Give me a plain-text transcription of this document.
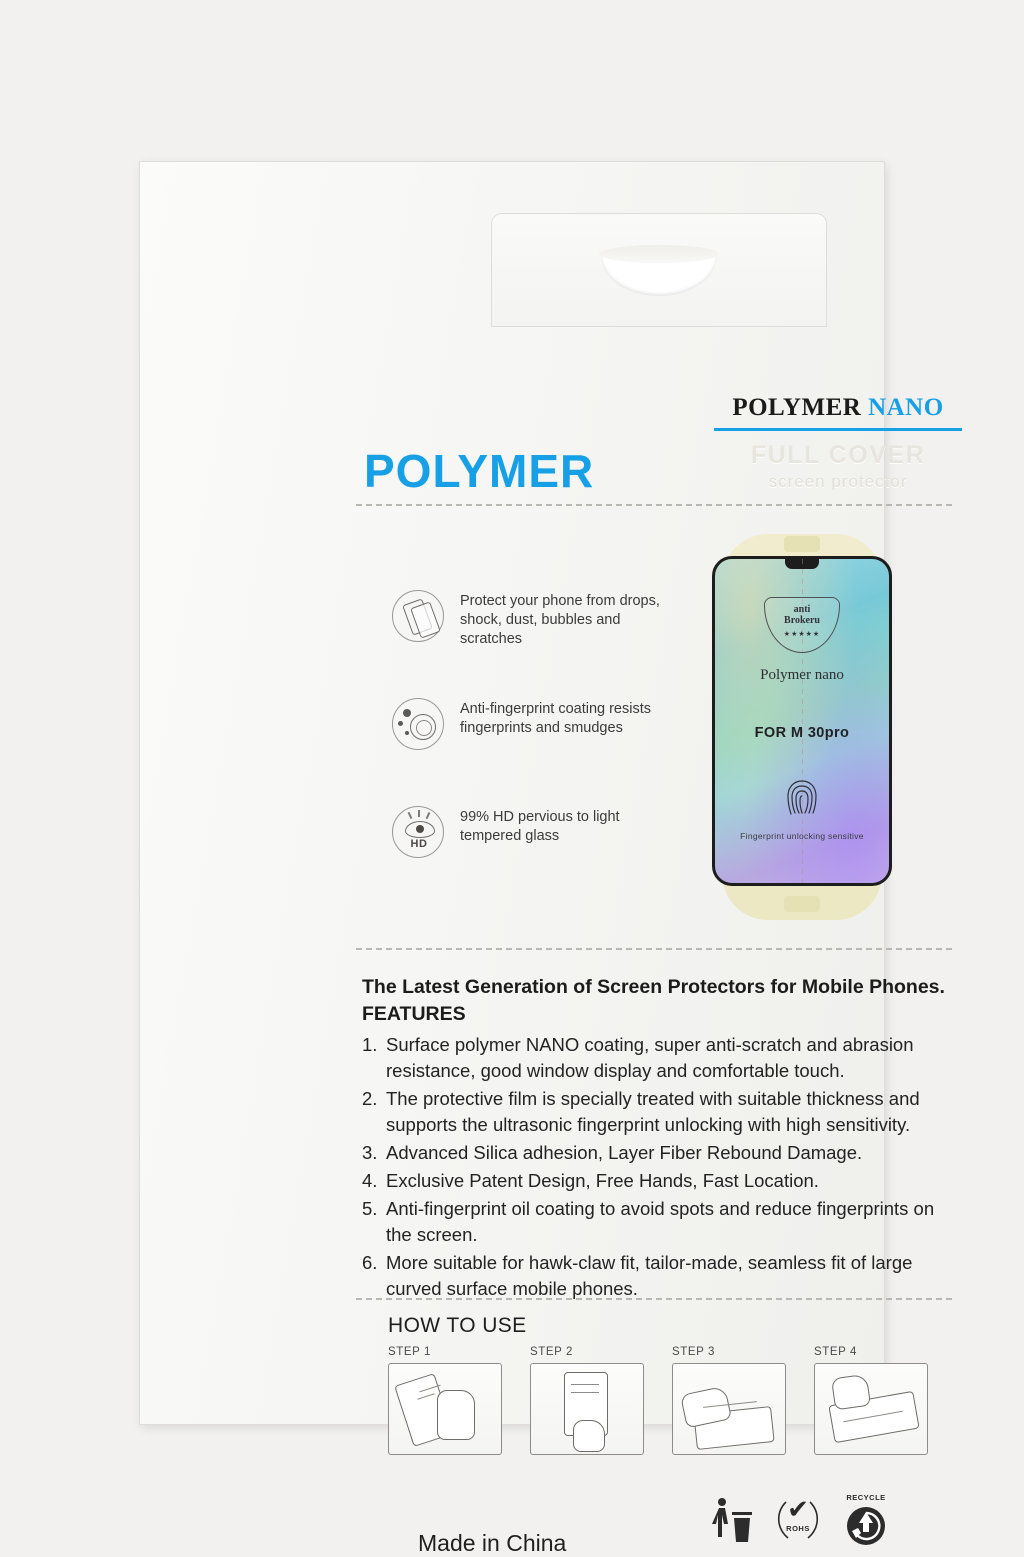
POLYMER
POLYMER NANO
FULL COVER
screen protector
Protect your phone from drops, shock, dust, bubbles and scratches
Anti-fingerprint coating resists fingerprints and smudges
HD
99% HD pervious to light tempered glass
anti
Brokeru
★★★★★
Polymer nano
FOR M 30pro
Fingerprint unlocking sensitive
The Latest Generation of Screen Protectors for Mobile Phones.
FEATURES
1. Surface polymer NANO coating, super anti-scratch and abrasion resistance, good window display and comfortable touch.
2. The protective film is specially treated with suitable thickness and supports the ultrasonic fingerprint unlocking with high sensitivity.
3. Advanced Silica adhesion, Layer Fiber Rebound Damage.
4. Exclusive Patent Design, Free Hands, Fast Location.
5. Anti-fingerprint oil coating to avoid spots and reduce fingerprints on the screen.
6. More suitable for hawk-claw fit, tailor-made, seamless fit of large curved surface mobile phones.
HOW TO USE
STEP 1	STEP 2	STEP 3	STEP 4
Made in China
✔
ROHS
RECYCLE
